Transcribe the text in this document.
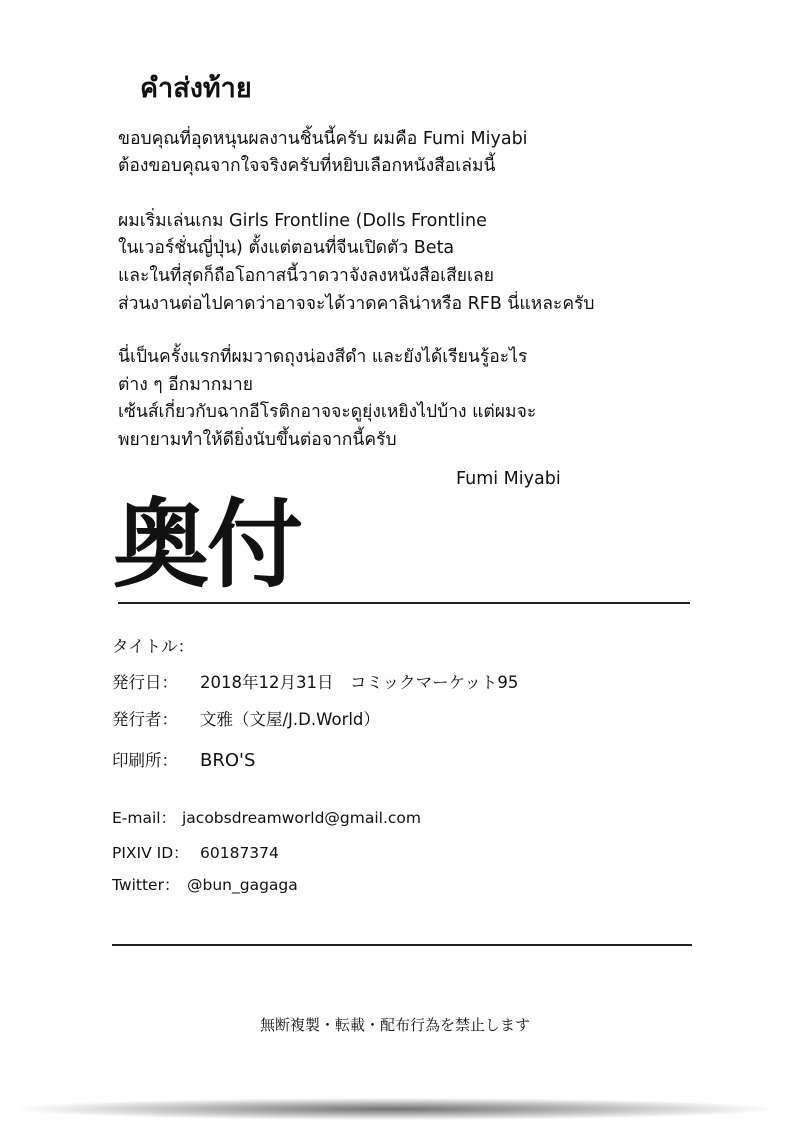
คำส่งท้าย

ขอบคุณที่อุดหนุนผลงานชิ้นนี้ครับ ผมคือ Fumi Miyabi

ต้องขอบคุณจากใจจริงครับที่หยิบเลือกหนังสือเล่มนี้

ผมเริ่มเล่นเกม Girls Frontline (Dolls Frontline

ในเวอร์ชั่นญี่ปุ่น) ตั้งแต่ตอนที่จีนเปิดตัว Beta

และในที่สุดก็ถือโอกาสนี้วาดวาจังลงหนังสือเสียเลย

ส่วนงานต่อไปคาดว่าอาจจะได้วาดคาลิน่าหรือ RFB นี่แหละครับ

นี่เป็นครั้งแรกที่ผมวาดถุงน่องสีดำ และยังได้เรียนรู้อะไร

ต่าง ๆ อีกมากมาย

เซ้นส์เกี่ยวกับฉากอีโรติกอาจจะดูยุ่งเหยิงไปบ้าง แต่ผมจะ

พยายามทำให้ดียิ่งนับขึ้นต่อจากนี้ครับ

Fumi Miyabi

奥付
タイトル：
発行日： 2018年12月31日　コミックマーケット95
発行者： 文雅（文屋/J.D.World）
印刷所： BRO'S
E-mail： jacobsdreamworld@gmail.com
PIXIV ID： 60187374
Twitter： @bun_gagaga

無断複製・転載・配布行為を禁止します
